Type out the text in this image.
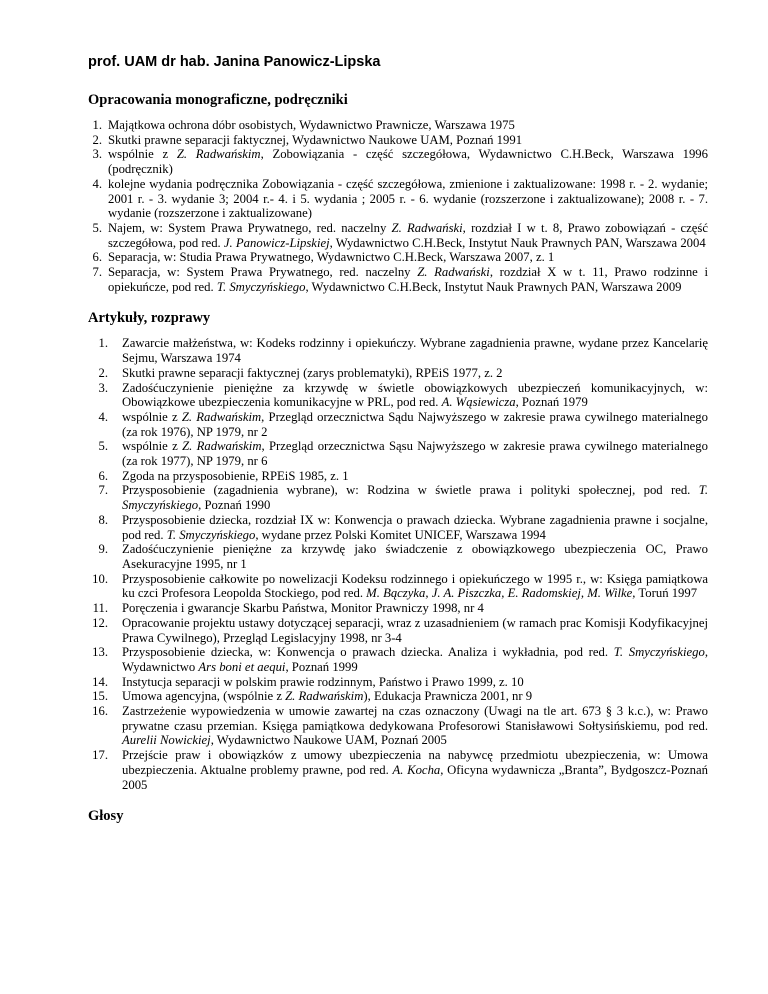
prof. UAM dr hab. Janina Panowicz-Lipska
Opracowania monograficzne, podręczniki
1. Majątkowa ochrona dóbr osobistych, Wydawnictwo Prawnicze, Warszawa 1975
2. Skutki prawne separacji faktycznej, Wydawnictwo Naukowe UAM, Poznań 1991
3. wspólnie z Z. Radwańskim, Zobowiązania - część szczegółowa, Wydawnictwo C.H.Beck, Warszawa 1996 (podręcznik)
4. kolejne wydania podręcznika Zobowiązania - część szczegółowa, zmienione i zaktualizowane: 1998 r. - 2. wydanie; 2001 r. - 3. wydanie 3; 2004 r.- 4. i 5. wydania ; 2005 r. - 6. wydanie (rozszerzone i zaktualizowane); 2008 r. - 7. wydanie (rozszerzone i zaktualizowane)
5. Najem, w: System Prawa Prywatnego, red. naczelny Z. Radwański, rozdział I w t. 8, Prawo zobowiązań - część szczegółowa, pod red. J. Panowicz-Lipskiej, Wydawnictwo C.H.Beck, Instytut Nauk Prawnych PAN, Warszawa 2004
6. Separacja, w: Studia Prawa Prywatnego, Wydawnictwo C.H.Beck, Warszawa 2007, z. 1
7. Separacja, w: System Prawa Prywatnego, red. naczelny Z. Radwański, rozdział X w t. 11, Prawo rodzinne i opiekuńcze, pod red. T. Smyczyńskiego, Wydawnictwo C.H.Beck, Instytut Nauk Prawnych PAN, Warszawa 2009
Artykuły, rozprawy
1. Zawarcie małżeństwa, w: Kodeks rodzinny i opiekuńczy. Wybrane zagadnienia prawne, wydane przez Kancelarię Sejmu, Warszawa 1974
2. Skutki prawne separacji faktycznej (zarys problematyki), RPEiS 1977, z. 2
3. Zadośćuczynienie pieniężne za krzywdę w świetle obowiązkowych ubezpieczeń komunikacyjnych, w: Obowiązkowe ubezpieczenia komunikacyjne w PRL, pod red. A. Wąsiewicza, Poznań 1979
4. wspólnie z Z. Radwańskim, Przegląd orzecznictwa Sądu Najwyższego w zakresie prawa cywilnego materialnego (za rok 1976), NP 1979, nr 2
5. wspólnie z Z. Radwańskim, Przegląd orzecznictwa Sąsu Najwyższego w zakresie prawa cywilnego materialnego (za rok 1977), NP 1979, nr 6
6. Zgoda na przysposobienie, RPEiS 1985, z. 1
7. Przysposobienie (zagadnienia wybrane), w: Rodzina w świetle prawa i polityki społecznej, pod red. T. Smyczyńskiego, Poznań 1990
8. Przysposobienie dziecka, rozdział IX w: Konwencja o prawach dziecka. Wybrane zagadnienia prawne i socjalne, pod red. T. Smyczyńskiego, wydane przez Polski Komitet UNICEF, Warszawa 1994
9. Zadośćuczynienie pieniężne za krzywdę jako świadczenie z obowiązkowego ubezpieczenia OC, Prawo Asekuracyjne 1995, nr 1
10. Przysposobienie całkowite po nowelizacji Kodeksu rodzinnego i opiekuńczego w 1995 r., w: Księga pamiątkowa ku czci Profesora Leopolda Stockiego, pod red. M. Bączyka, J. A. Piszczka, E. Radomskiej, M. Wilke, Toruń 1997
11. Poręczenia i gwarancje Skarbu Państwa, Monitor Prawniczy 1998, nr 4
12. Opracowanie projektu ustawy dotyczącej separacji, wraz z uzasadnieniem (w ramach prac Komisji Kodyfikacyjnej Prawa Cywilnego), Przegląd Legislacyjny 1998, nr 3-4
13. Przysposobienie dziecka, w: Konwencja o prawach dziecka. Analiza i wykładnia, pod red. T. Smyczyńskiego, Wydawnictwo Ars boni et aequi, Poznań 1999
14. Instytucja separacji w polskim prawie rodzinnym, Państwo i Prawo 1999, z. 10
15. Umowa agencyjna, (wspólnie z Z. Radwańskim), Edukacja Prawnicza 2001, nr 9
16. Zastrzeżenie wypowiedzenia w umowie zawartej na czas oznaczony (Uwagi na tle art. 673 § 3 k.c.), w: Prawo prywatne czasu przemian. Księga pamiątkowa dedykowana Profesorowi Stanisławowi Sołtysińskiemu, pod red. Aurelii Nowickiej, Wydawnictwo Naukowe UAM, Poznań 2005
17. Przejście praw i obowiązków z umowy ubezpieczenia na nabywcę przedmiotu ubezpieczenia, w: Umowa ubezpieczenia. Aktualne problemy prawne, pod red. A. Kocha, Oficyna wydawnicza „Branta”, Bydgoszcz-Poznań 2005
Głosy
